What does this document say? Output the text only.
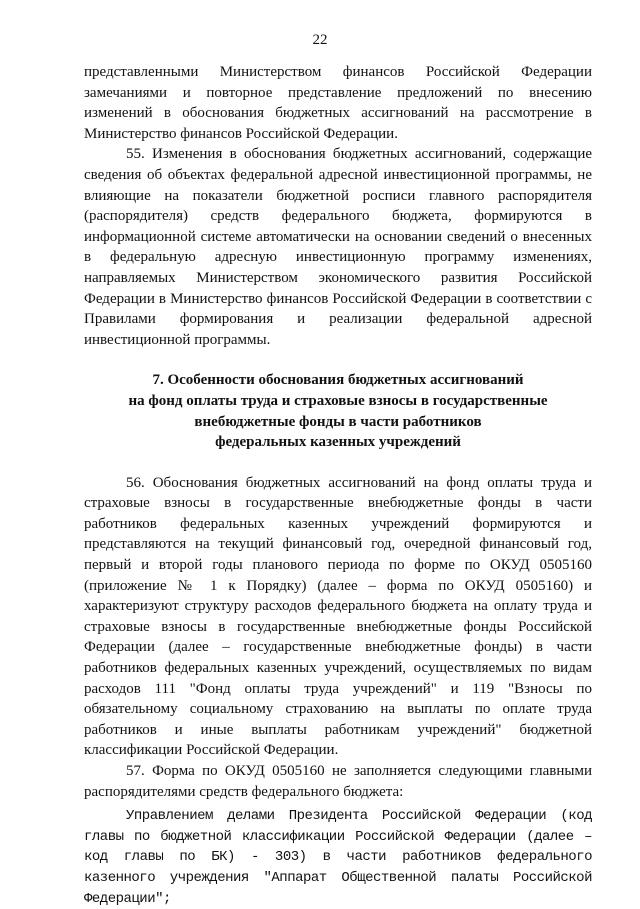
22

представленными Министерством финансов Российской Федерации замечаниями и повторное представление предложений по внесению изменений в обоснования бюджетных ассигнований на рассмотрение в Министерство финансов Российской Федерации.

55. Изменения в обоснования бюджетных ассигнований, содержащие сведения об объектах федеральной адресной инвестиционной программы, не влияющие на показатели бюджетной росписи главного распорядителя (распорядителя) средств федерального бюджета, формируются в информационной системе автоматически на основании сведений о внесенных в федеральную адресную инвестиционную программу изменениях, направляемых Министерством экономического развития Российской Федерации в Министерство финансов Российской Федерации в соответствии с Правилами формирования и реализации федеральной адресной инвестиционной программы.

7. Особенности обоснования бюджетных ассигнований
на фонд оплаты труда и страховые взносы в государственные
внебюджетные фонды в части работников
федеральных казенных учреждений

56. Обоснования бюджетных ассигнований на фонд оплаты труда и страховые взносы в государственные внебюджетные фонды в части работников федеральных казенных учреждений формируются и представляются на текущий финансовый год, очередной финансовый год, первый и второй годы планового периода по форме по ОКУД 0505160 (приложение № 1 к Порядку) (далее – форма по ОКУД 0505160) и характеризуют структуру расходов федерального бюджета на оплату труда и страховые взносы в государственные внебюджетные фонды Российской Федерации (далее – государственные внебюджетные фонды) в части работников федеральных казенных учреждений, осуществляемых по видам расходов 111 "Фонд оплаты труда учреждений" и 119 "Взносы по обязательному социальному страхованию на выплаты по оплате труда работников и иные выплаты работникам учреждений" бюджетной классификации Российской Федерации.

57. Форма по ОКУД 0505160 не заполняется следующими главными распорядителями средств федерального бюджета:

Управлением делами Президента Российской Федерации (код главы по бюджетной классификации Российской Федерации (далее – код главы по БК) - 303) в части работников федерального казенного учреждения "Аппарат Общественной палаты Российской Федерации";
